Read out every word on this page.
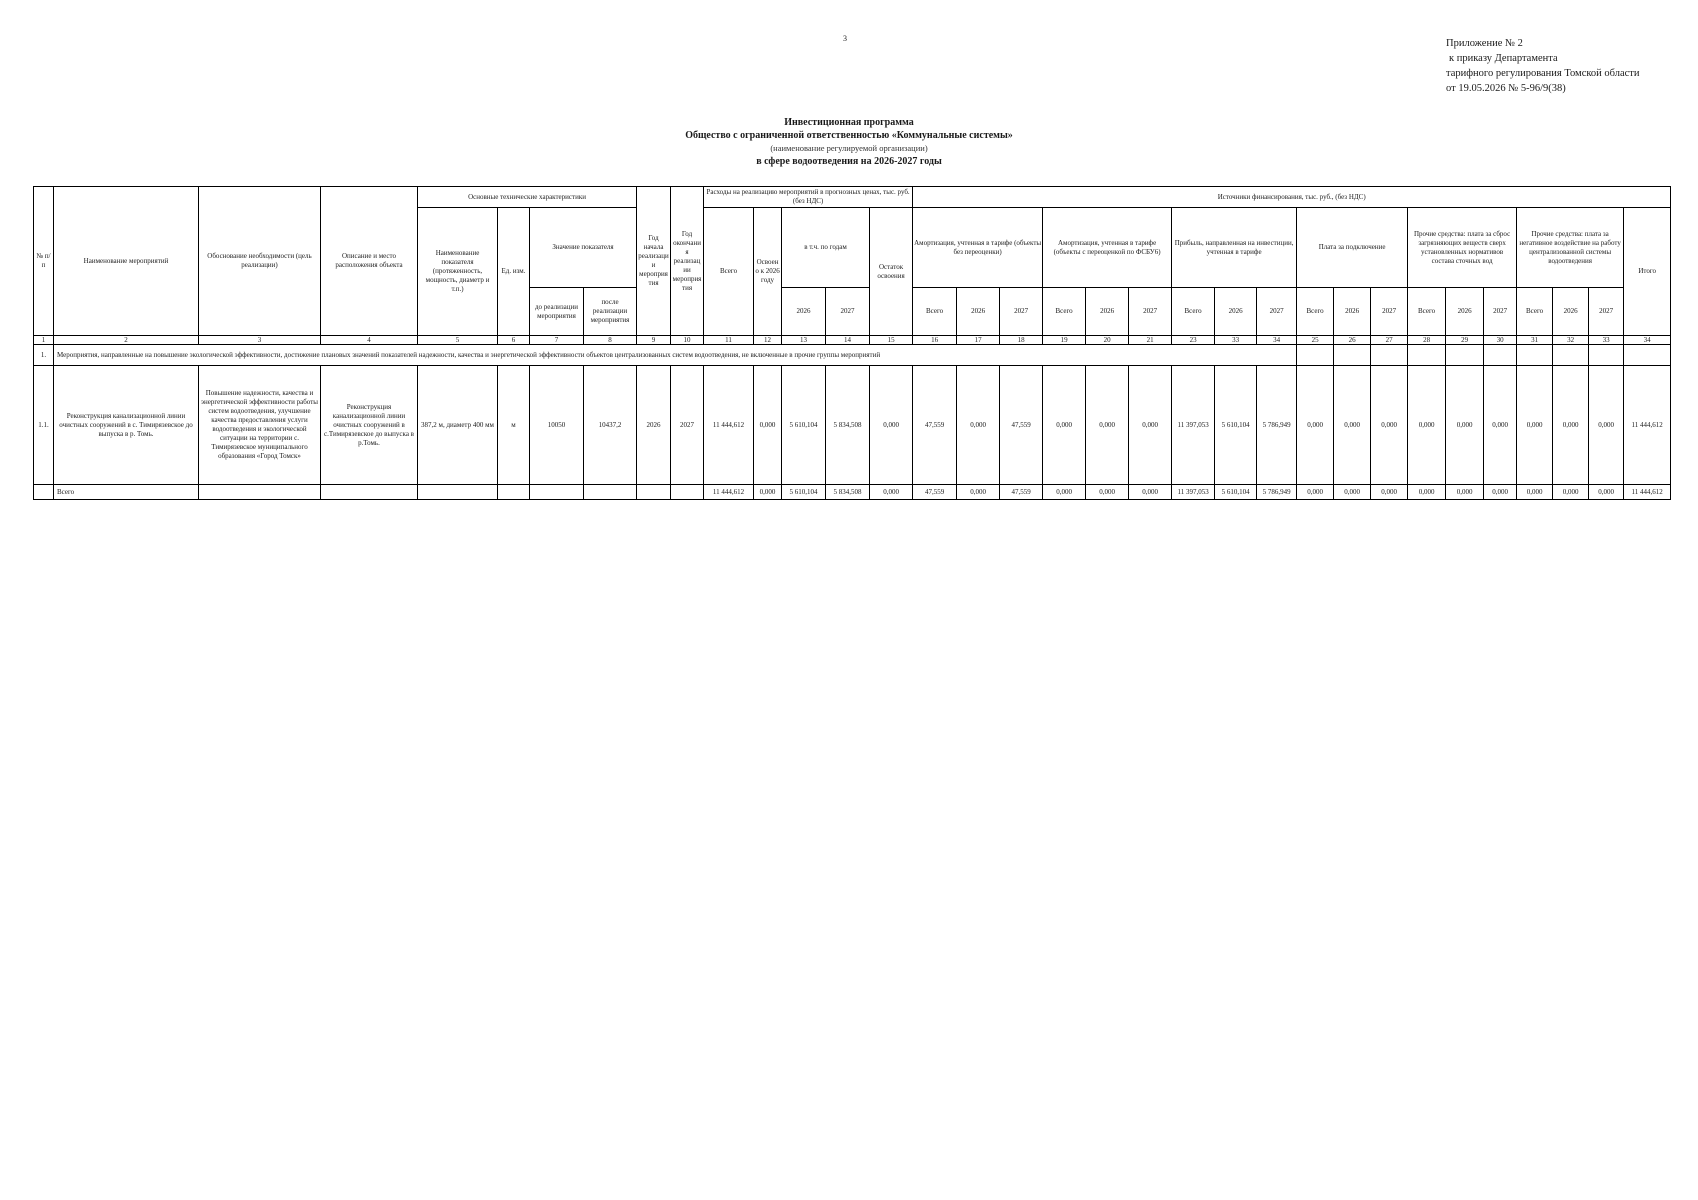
3	Приложение № 2
к приказу Департамента
тарифного регулирования Томской области
от 19.05.2026 № 5-96/9(38)
Инвестиционная программа
Общество с ограниченной ответственностью «Коммунальные системы»
(наименование регулируемой организации)
в сфере водоотведения на 2026-2027 годы
№ п/п	Наименование мероприятий	Обоснование необходимости (цель реализации)	Описание и место расположения объекта	Основные технические характеристики				Год начала реализации мероприятия	Год окончания реализации мероприятия	Расходы на реализацию мероприятий в прогнозных ценах, тыс. руб. (без НДС)					Источники финансирования, тыс. руб., (без НДС)																		
				Наименование показателя (протяженность, мощность, диаметр и т.п.)	Ед. изм.	Значение показателя				Всего	Освоено к 2026 году	в т.ч. по годам		Остаток освоения	Амортизация, учтенная в тарифе (объекты без переоценки)			Амортизация, учтенная в тарифе (объекты с переоценкой по ФСБУ6)			Прибыль, направленная на инвестиции, учтенная в тарифе			Плата за подключение			Прочие средства: плата за сброс загрязняющих веществ сверх установленных нормативов состава сточных вод			Прочие средства: плата за негативное воздействие на работу централизованной системы водоотведения			Итого
						до реализации мероприятия	после реализации мероприятия					2026	2027		Всего	2026	2027	Всего	2026	2027	Всего	2026	2027	Всего	2026	2027	Всего	2026	2027	Всего	2026	2027	
1	2	3	4	5	6	7	8	9	10	11	12	13	14	15	16	17	18	19	20	21	23	33	34	25	26	27	28	29	30	31	32	33	34
1.	Мероприятия, направленные на повышение экологической эффективности, достижение плановых значений показателей надежности, качества и энергетической эффективности объектов централизованных систем водоотведения, не включенные в прочие группы мероприятий																																
1.1.	Реконструкция канализационной линии очистных сооружений в с. Тимирязевское до выпуска в р. Томь.	Повышение надежности, качества и энергетической эффективности работы систем водоотведения, улучшение качества предоставления услуги водоотведения и экологической ситуации на территории с. Тимирязевское муниципального образования «Город Томск»	Реконструкция канализационной линии очистных сооружений в с.Тимирязевское до выпуска в р.Томь.	387,2 м, диаметр 400 мм	м	10050	10437,2	2026	2027	11 444,612	0,000	5 610,104	5 834,508	0,000	47,559	0,000	47,559	0,000	0,000	0,000	11 397,053	5 610,104	5 786,949	0,000	0,000	0,000	0,000	0,000	0,000	0,000	0,000	0,000	11 444,612
	Всего									11 444,612	0,000	5 610,104	5 834,508	0,000	47,559	0,000	47,559	0,000	0,000	0,000	11 397,053	5 610,104	5 786,949	0,000	0,000	0,000	0,000	0,000	0,000	0,000	0,000	0,000	11 444,612
